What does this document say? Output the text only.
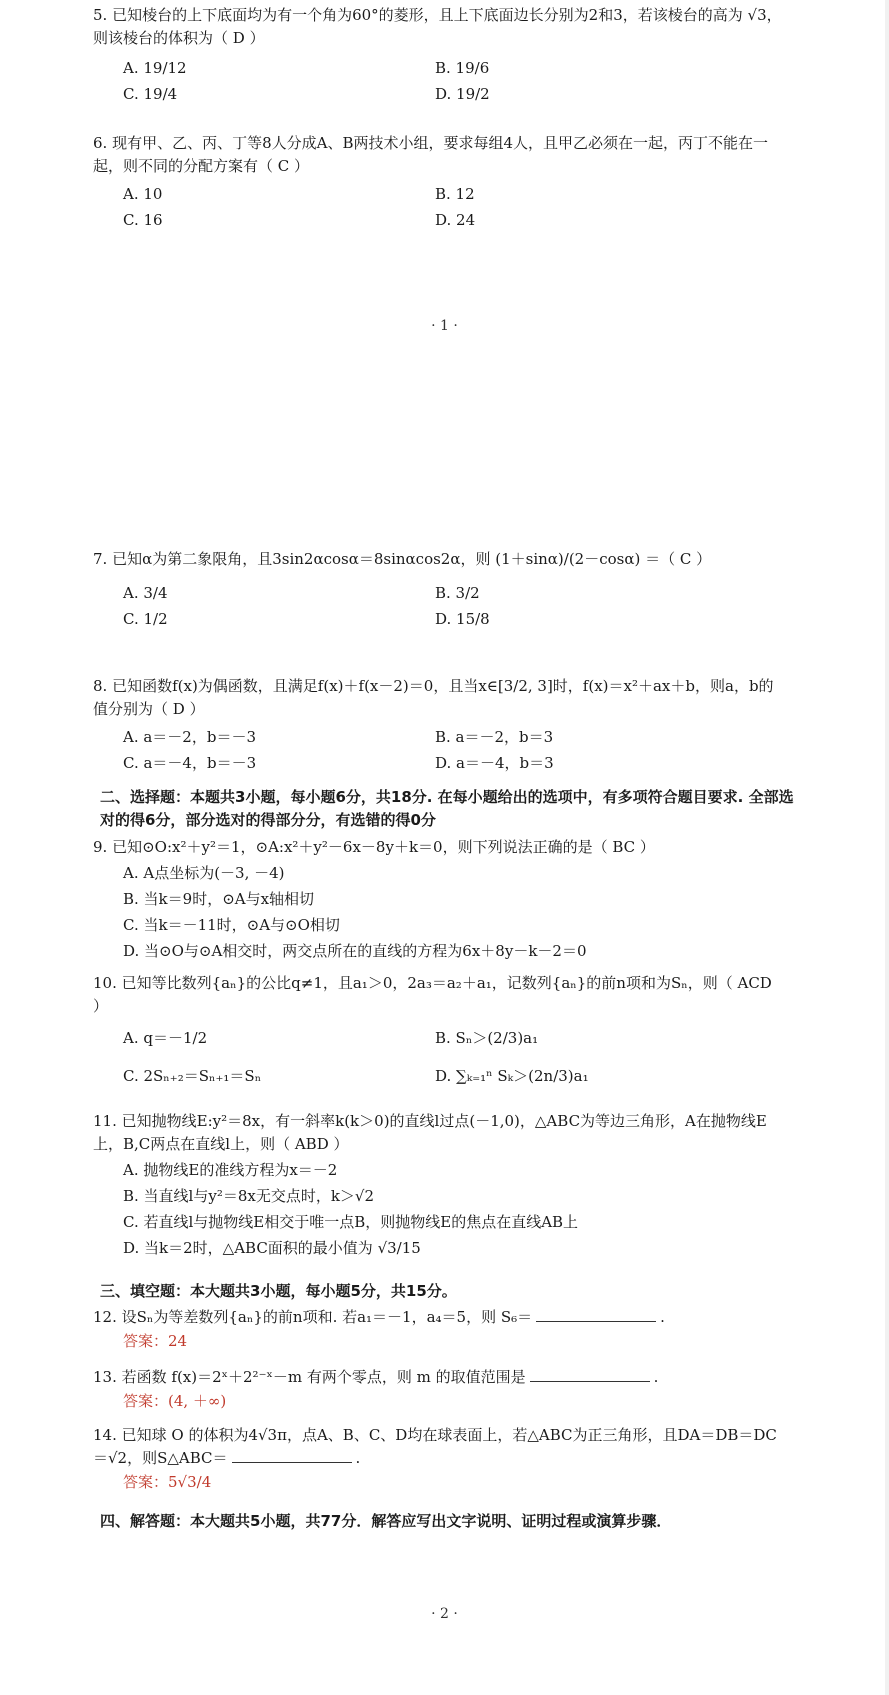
5. 已知棱台的上下底面均为有一个角为60°的菱形，且上下底面边长分别为2和3，若该棱台的高为 √3，则该棱台的体积为（ D ）

A. 19/12	B. 19/6
C. 19/4	D. 19/2

6. 现有甲、乙、丙、丁等8人分成A、B两技术小组，要求每组4人，且甲乙必须在一起，丙丁不能在一起，则不同的分配方案有（ C ）

A. 10	B. 12
C. 16	D. 24
· 1 ·

7. 已知α为第二象限角，且3sin2αcosα＝8sinαcos2α，则 (1＋sinα)/(2－cosα) ＝（ C ）

A. 3/4	B. 3/2
C. 1/2	D. 15/8

8. 已知函数f(x)为偶函数，且满足f(x)＋f(x－2)＝0，且当x∈[3/2, 3]时，f(x)＝x²＋ax＋b，则a，b的值分别为（ D ）

A. a＝－2，b＝－3	B. a＝－2，b＝3
C. a＝－4，b＝－3	D. a＝－4，b＝3
二、选择题：本题共3小题，每小题6分，共18分. 在每小题给出的选项中，有多项符合题目要求. 全部选对的得6分，部分选对的得部分分，有选错的得0分

9. 已知⊙O:x²＋y²＝1，⊙A:x²＋y²－6x－8y＋k＝0，则下列说法正确的是（ BC ）

A. A点坐标为(－3, －4)
B. 当k＝9时，⊙A与x轴相切
C. 当k＝－11时，⊙A与⊙O相切
D. 当⊙O与⊙A相交时，两交点所在的直线的方程为6x＋8y－k－2＝0

10. 已知等比数列{aₙ}的公比q≠1，且a₁＞0，2a₃＝a₂＋a₁，记数列{aₙ}的前n项和为Sₙ，则（ ACD ）

A. q＝－1/2	B. Sₙ＞(2/3)a₁
C. 2Sₙ₊₂＝Sₙ₊₁＝Sₙ	D. ∑ₖ₌₁ⁿ Sₖ＞(2n/3)a₁

11. 已知抛物线E:y²＝8x，有一斜率k(k＞0)的直线l过点(－1,0)，△ABC为等边三角形，A在抛物线E上，B,C两点在直线l上，则（ ABD ）

A. 抛物线E的准线方程为x＝－2
B. 当直线l与y²＝8x无交点时，k＞√2
C. 若直线l与抛物线E相交于唯一点B，则抛物线E的焦点在直线AB上
D. 当k＝2时，△ABC面积的最小值为 √3/15
三、填空题：本大题共3小题，每小题5分，共15分。

12. 设Sₙ为等差数列{aₙ}的前n项和. 若a₁＝－1，a₄＝5，则 S₆＝	.

答案：24

13. 若函数 f(x)＝2ˣ＋2²⁻ˣ－m 有两个零点，则 m 的取值范围是	.

答案：(4, ＋∞)

14. 已知球 O 的体积为4√3π，点A、B、C、D均在球表面上，若△ABC为正三角形，且DA＝DB＝DC＝√2，则S△ABC＝	.

答案：5√3/4
四、解答题：本大题共5小题，共77分．解答应写出文字说明、证明过程或演算步骤．
· 2 ·
